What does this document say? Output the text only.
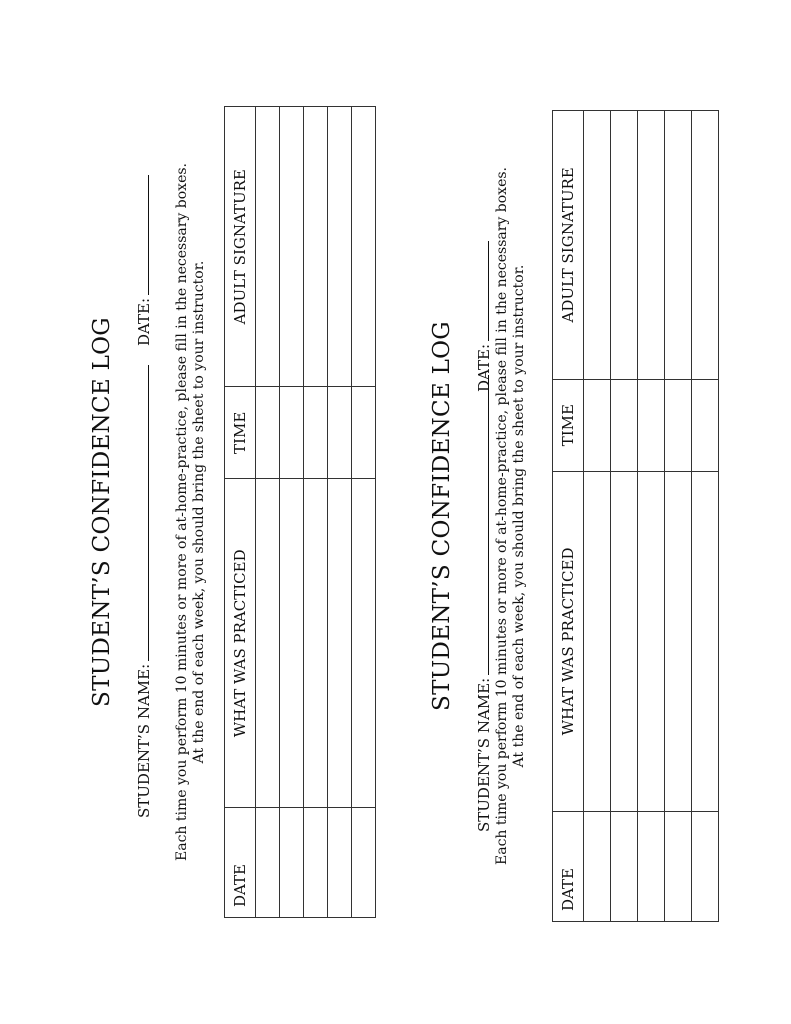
STUDENT’S CONFIDENCE LOG
STUDENT’S NAME:
DATE: Each time you perform 10 minutes or more of at-home-practice, please fill in the necessary boxes. At the end of each week, you should bring the sheet to your instructor.
DATE	WHAT WAS PRACTICED	TIME	ADULT SIGNATURE

STUDENT’S CONFIDENCE LOG
STUDENT’S NAME:
DATE: Each time you perform 10 minutes or more of at-home-practice, please fill in the necessary boxes. At the end of each week, you should bring the sheet to your instructor.
DATE	WHAT WAS PRACTICED	TIME	ADULT SIGNATURE
